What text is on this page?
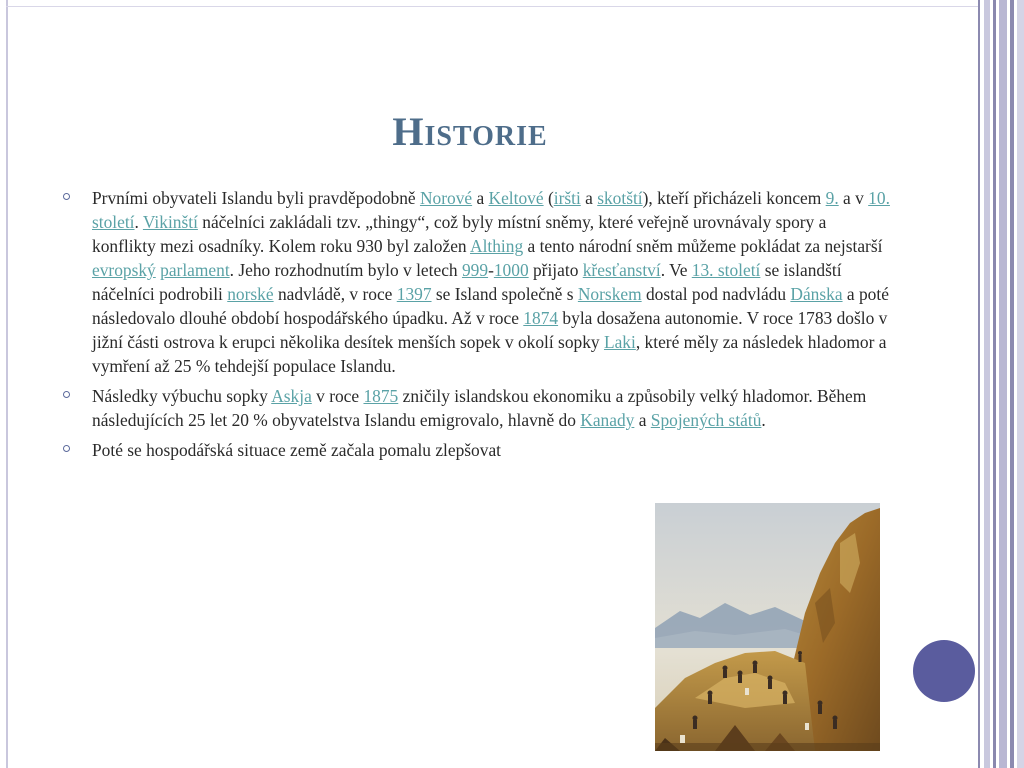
Historie
Prvními obyvateli Islandu byli pravděpodobně Norové a Keltové (iršti a skotští), kteří přicházeli koncem 9. a v 10. století. Vikinští náčelníci zakládali tzv. „thingy“, což byly místní sněmy, které veřejně urovnávaly spory a konflikty mezi osadníky. Kolem roku 930 byl založen Althing a tento národní sněm můžeme pokládat za nejstarší evropský parlament. Jeho rozhodnutím bylo v letech 999-1000 přijato křesťanství. Ve 13. století se islandští náčelníci podrobili norské nadvládě, v roce 1397 se Island společně s Norskem dostal pod nadvládu Dánska a poté následovalo dlouhé období hospodářského úpadku. Až v roce 1874 byla dosažena autonomie. V roce 1783 došlo v jižní části ostrova k erupci několika desítek menších sopek v okolí sopky Laki, které měly za následek hladomor a vymření až 25 % tehdejší populace Islandu.
Následky výbuchu sopky Askja v roce 1875 zničily islandskou ekonomiku a způsobily velký hladomor. Během následujících 25 let 20 % obyvatelstva Islandu emigrovalo, hlavně do Kanady a Spojených států.
Poté se hospodářská situace země začala pomalu zlepšovat
